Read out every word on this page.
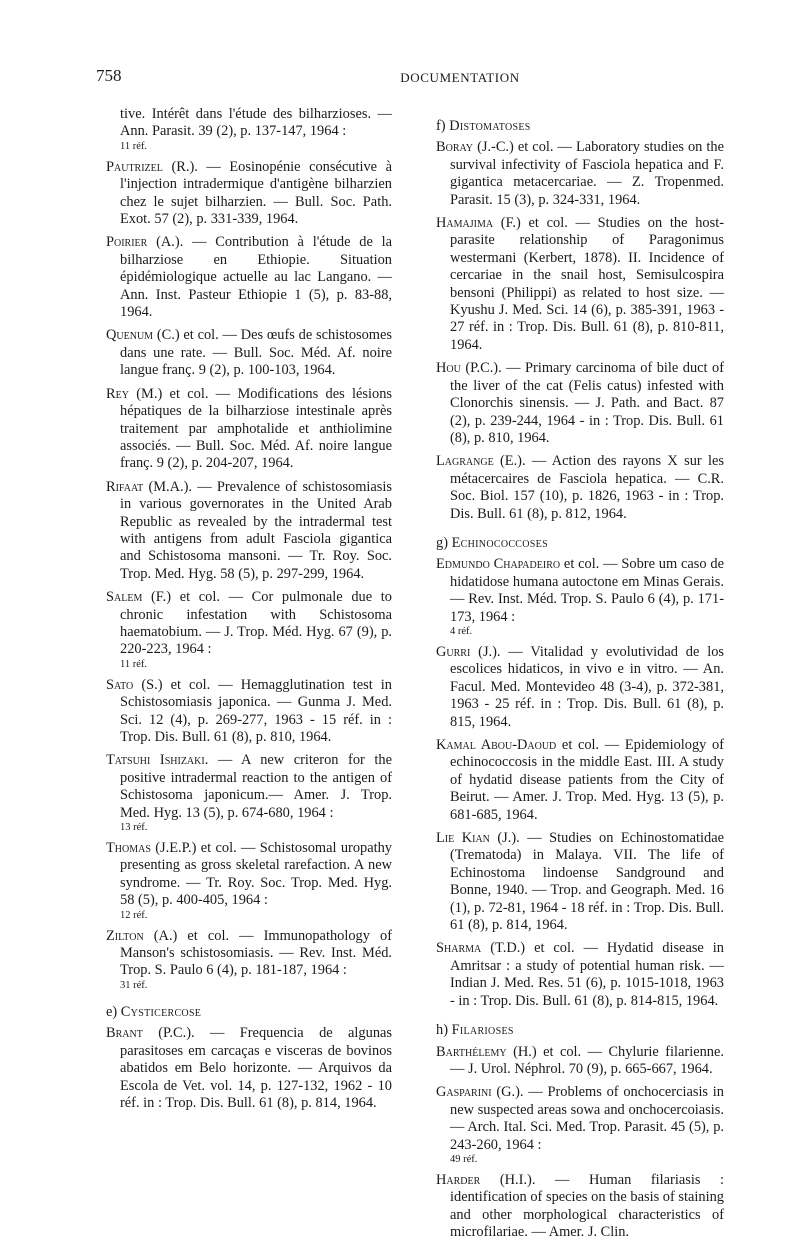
758	DOCUMENTATION
tive. Intérêt dans l'étude des bilharzioses. — Ann. Parasit. 39 (2), p. 137-147, 1964 :
11 réf.
Pautrizel (R.). — Eosinopénie consécutive à l'injection intradermique d'antigène bilharzien chez le sujet bilharzien. — Bull. Soc. Path. Exot. 57 (2), p. 331-339, 1964.
Poirier (A.). — Contribution à l'étude de la bilharziose en Ethiopie. Situation épidémiologique actuelle au lac Langano. — Ann. Inst. Pasteur Ethiopie 1 (5), p. 83-88, 1964.
Quenum (C.) et col. — Des œufs de schistosomes dans une rate. — Bull. Soc. Méd. Af. noire langue franç. 9 (2), p. 100-103, 1964.
Rey (M.) et col. — Modifications des lésions hépatiques de la bilharziose intestinale après traitement par amphotalide et anthiolimine associés. — Bull. Soc. Méd. Af. noire langue franç. 9 (2), p. 204-207, 1964.
Rifaat (M.A.). — Prevalence of schistosomiasis in various governorates in the United Arab Republic as revealed by the intradermal test with antigens from adult Fasciola gigantica and Schistosoma mansoni. — Tr. Roy. Soc. Trop. Med. Hyg. 58 (5), p. 297-299, 1964.
Salem (F.) et col. — Cor pulmonale due to chronic infestation with Schistosoma haematobium. — J. Trop. Méd. Hyg. 67 (9), p. 220-223, 1964 :
11 réf.
Sato (S.) et col. — Hemagglutination test in Schistosomiasis japonica. — Gunma J. Med. Sci. 12 (4), p. 269-277, 1963 - 15 réf. in : Trop. Dis. Bull. 61 (8), p. 810, 1964.
Tatsuhi Ishizaki. — A new criteron for the positive intradermal reaction to the antigen of Schistosoma japonicum.— Amer. J. Trop. Med. Hyg. 13 (5), p. 674-680, 1964 :
13 réf.
Thomas (J.E.P.) et col. — Schistosomal uropathy presenting as gross skeletal rarefaction. A new syndrome. — Tr. Roy. Soc. Trop. Med. Hyg. 58 (5), p. 400-405, 1964 :
12 réf.
Zilton (A.) et col. — Immunopathology of Manson's schistosomiasis. — Rev. Inst. Méd. Trop. S. Paulo 6 (4), p. 181-187, 1964 :
31 réf.
e) Cysticercose
Brant (P.C.). — Frequencia de algunas parasitoses em carcaças e visceras de bovinos abatidos em Belo horizonte. — Arquivos da Escola de Vet. vol. 14, p. 127-132, 1962 - 10 réf. in : Trop. Dis. Bull. 61 (8), p. 814, 1964.
f) Distomatoses
Boray (J.-C.) et col. — Laboratory studies on the survival infectivity of Fasciola hepatica and F. gigantica metacercariae. — Z. Tropenmed. Parasit. 15 (3), p. 324-331, 1964.
Hamajima (F.) et col. — Studies on the host-parasite relationship of Paragonimus westermani (Kerbert, 1878). II. Incidence of cercariae in the snail host, Semisulcospira bensoni (Philippi) as related to host size. — Kyushu J. Med. Sci. 14 (6), p. 385-391, 1963 - 27 réf. in : Trop. Dis. Bull. 61 (8), p. 810-811, 1964.
Hou (P.C.). — Primary carcinoma of bile duct of the liver of the cat (Felis catus) infested with Clonorchis sinensis. — J. Path. and Bact. 87 (2), p. 239-244, 1964 - in : Trop. Dis. Bull. 61 (8), p. 810, 1964.
Lagrange (E.). — Action des rayons X sur les métacercaires de Fasciola hepatica. — C.R. Soc. Biol. 157 (10), p. 1826, 1963 - in : Trop. Dis. Bull. 61 (8), p. 812, 1964.
g) Echinococcoses
Edmundo Chapadeiro et col. — Sobre um caso de hidatidose humana autoctone em Minas Gerais. — Rev. Inst. Méd. Trop. S. Paulo 6 (4), p. 171-173, 1964 :
4 réf.
Gurri (J.). — Vitalidad y evolutividad de los escolices hidaticos, in vivo e in vitro. — An. Facul. Med. Montevideo 48 (3-4), p. 372-381, 1963 - 25 réf. in : Trop. Dis. Bull. 61 (8), p. 815, 1964.
Kamal Abou-Daoud et col. — Epidemiology of echinococcosis in the middle East. III. A study of hydatid disease patients from the City of Beirut. — Amer. J. Trop. Med. Hyg. 13 (5), p. 681-685, 1964.
Lie Kian (J.). — Studies on Echinostomatidae (Trematoda) in Malaya. VII. The life of Echinostoma lindoense Sandground and Bonne, 1940. — Trop. and Geograph. Med. 16 (1), p. 72-81, 1964 - 18 réf. in : Trop. Dis. Bull. 61 (8), p. 814, 1964.
Sharma (T.D.) et col. — Hydatid disease in Amritsar : a study of potential human risk. — Indian J. Med. Res. 51 (6), p. 1015-1018, 1963 - in : Trop. Dis. Bull. 61 (8), p. 814-815, 1964.
h) Filarioses
Barthélemy (H.) et col. — Chylurie filarienne. — J. Urol. Néphrol. 70 (9), p. 665-667, 1964.
Gasparini (G.). — Problems of onchocerciasis in new suspected areas sowa and onchocercoiasis. — Arch. Ital. Sci. Med. Trop. Parasit. 45 (5), p. 243-260, 1964 :
49 réf.
Harder (H.I.). — Human filariasis : identification of species on the basis of staining and other morphological characteristics of microfilariae. — Amer. J. Clin.
